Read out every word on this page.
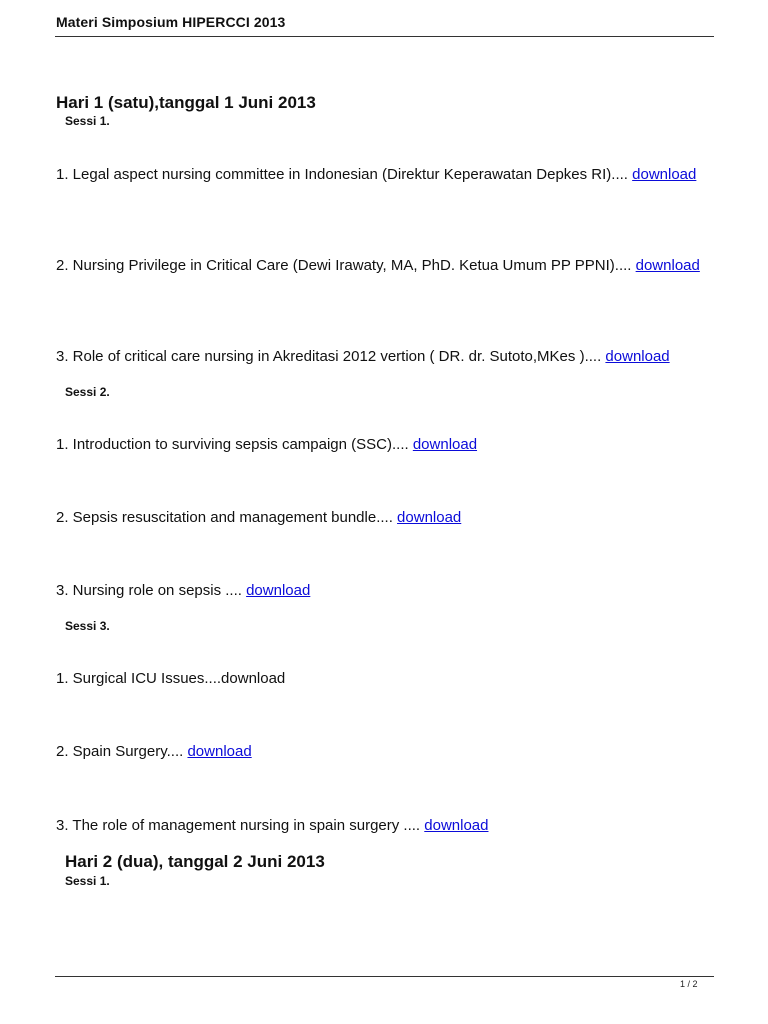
Materi Simposium HIPERCCI 2013
Hari 1 (satu),tanggal 1 Juni 2013
Sessi 1.
1. Legal aspect nursing committee in Indonesian (Direktur Keperawatan Depkes RI).... download
2. Nursing Privilege in Critical Care (Dewi Irawaty, MA, PhD. Ketua Umum PP PPNI).... download
3. Role of critical care nursing in Akreditasi 2012 vertion ( DR. dr. Sutoto,MKes ).... download
Sessi 2.
1. Introduction to surviving sepsis campaign (SSC).... download
2. Sepsis resuscitation and management bundle.... download
3. Nursing role on sepsis .... download
Sessi 3.
1. Surgical ICU Issues....download
2. Spain Surgery.... download
3. The role of management nursing in spain surgery .... download
Hari 2 (dua), tanggal 2 Juni 2013
Sessi 1.
1 / 2
